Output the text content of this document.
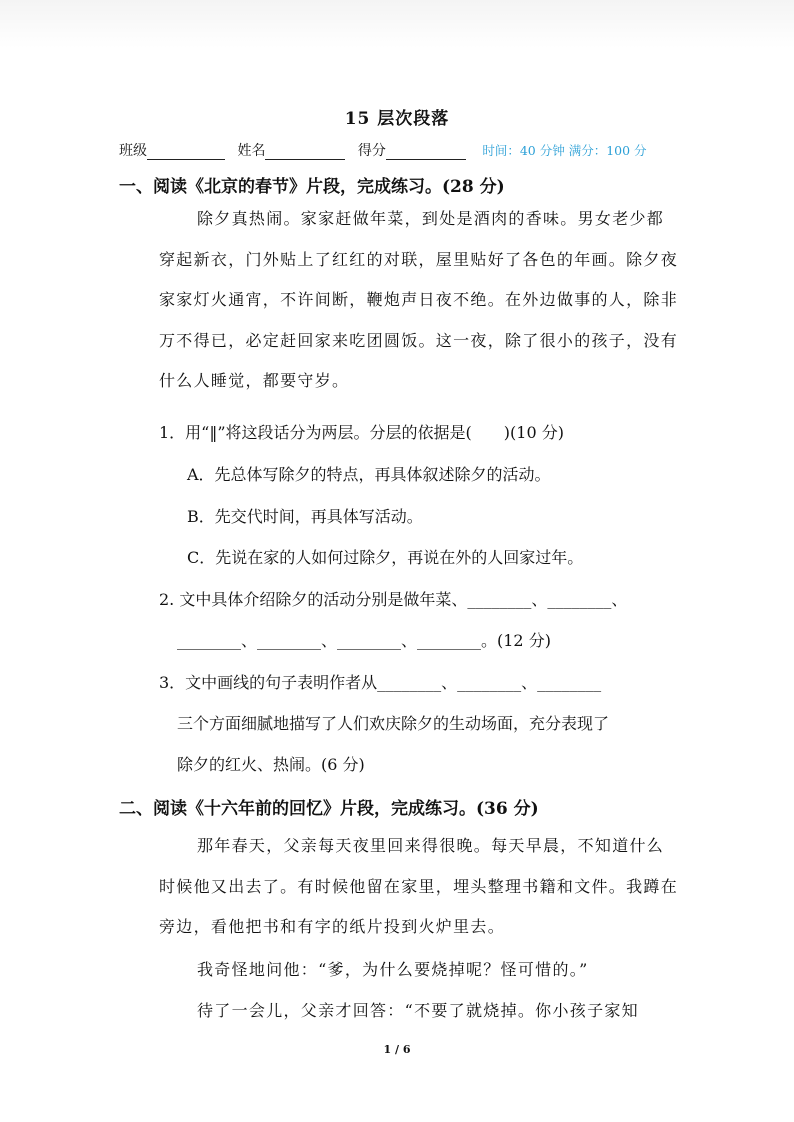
15 层次段落
班级	姓名	得分	时间：40 分钟 满分：100 分
一、阅读《北京的春节》片段，完成练习。(28 分)

除夕真热闹。家家赶做年菜，到处是酒肉的香味。男女老少都穿起新衣，门外贴上了红红的对联，屋里贴好了各色的年画。除夕夜家家灯火通宵，不许间断，鞭炮声日夜不绝。在外边做事的人，除非万不得已，必定赶回家来吃团圆饭。这一夜，除了很小的孩子，没有什么人睡觉，都要守岁。

1．用“‖”将这段话分为两层。分层的依据是(　　)(10 分)
A．先总体写除夕的特点，再具体叙述除夕的活动。
B．先交代时间，再具体写活动。
C．先说在家的人如何过除夕，再说在外的人回家过年。
2. 文中具体介绍除夕的活动分别是做年菜、________、________、
________、________、________、________。(12 分)
3．文中画线的句子表明作者从________、________、________
三个方面细腻地描写了人们欢庆除夕的生动场面，充分表现了
除夕的红火、热闹。(6 分)
二、阅读《十六年前的回忆》片段，完成练习。(36 分)

那年春天，父亲每天夜里回来得很晚。每天早晨，不知道什么时候他又出去了。有时候他留在家里，埋头整理书籍和文件。我蹲在旁边，看他把书和有字的纸片投到火炉里去。

我奇怪地问他：“爹，为什么要烧掉呢？怪可惜的。”

待了一会儿，父亲才回答：“不要了就烧掉。你小孩子家知

1 / 6
